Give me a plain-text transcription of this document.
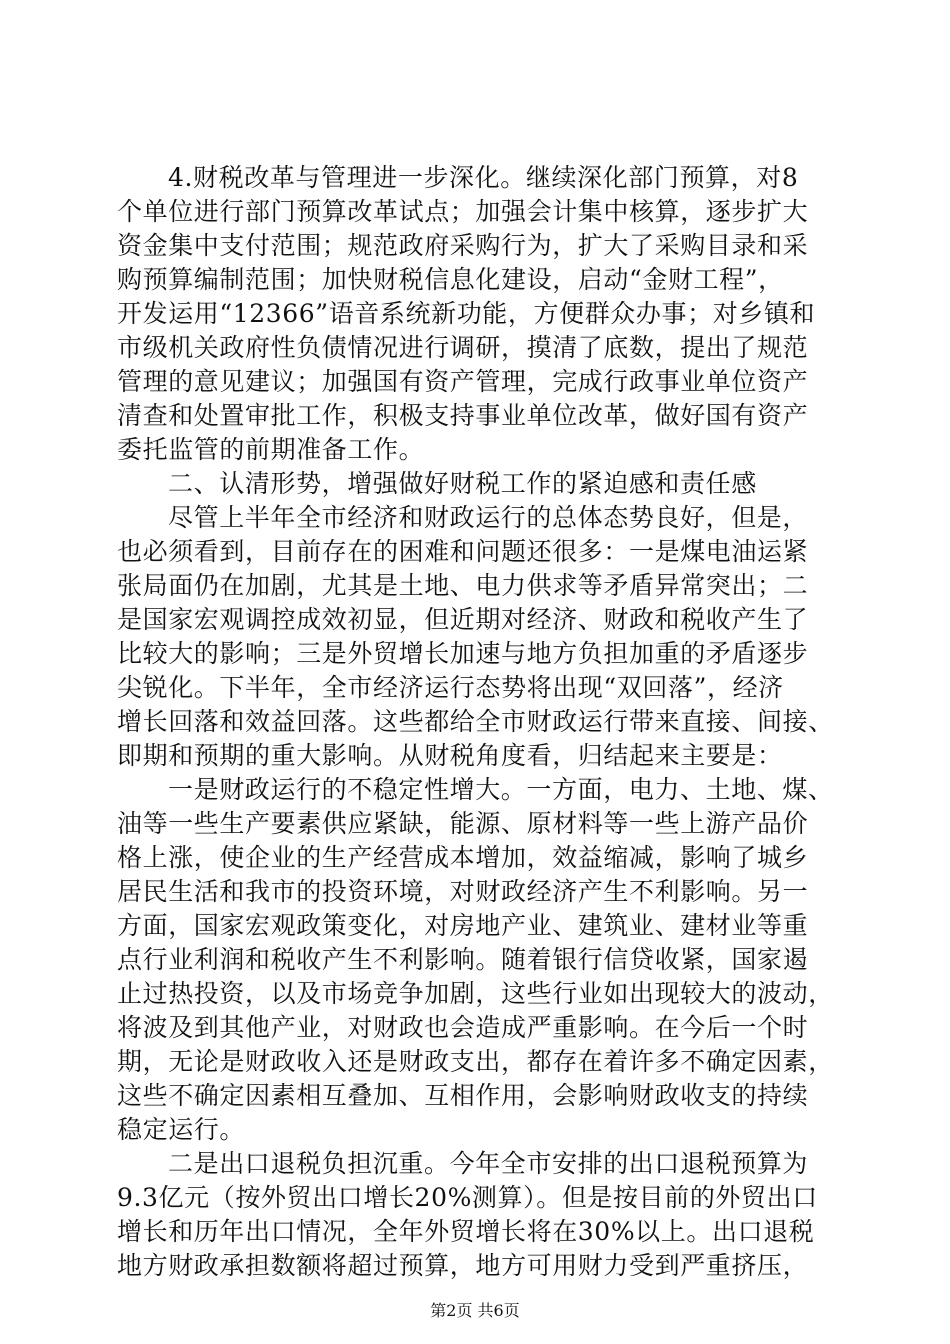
4.财税改革与管理进一步深化。继续深化部门预算，对8
个单位进行部门预算改革试点；加强会计集中核算，逐步扩大
资金集中支付范围；规范政府采购行为，扩大了采购目录和采
购预算编制范围；加快财税信息化建设，启动“金财工程”，
开发运用“12366”语音系统新功能，方便群众办事；对乡镇和
市级机关政府性负债情况进行调研，摸清了底数，提出了规范
管理的意见建议；加强国有资产管理，完成行政事业单位资产
清查和处置审批工作，积极支持事业单位改革，做好国有资产
委托监管的前期准备工作。
二、认清形势，增强做好财税工作的紧迫感和责任感
尽管上半年全市经济和财政运行的总体态势良好，但是，
也必须看到，目前存在的困难和问题还很多：一是煤电油运紧
张局面仍在加剧，尤其是土地、电力供求等矛盾异常突出；二
是国家宏观调控成效初显，但近期对经济、财政和税收产生了
比较大的影响；三是外贸增长加速与地方负担加重的矛盾逐步
尖锐化。下半年，全市经济运行态势将出现“双回落”，经济
增长回落和效益回落。这些都给全市财政运行带来直接、间接、
即期和预期的重大影响。从财税角度看，归结起来主要是：
一是财政运行的不稳定性增大。一方面，电力、土地、煤、
油等一些生产要素供应紧缺，能源、原材料等一些上游产品价
格上涨，使企业的生产经营成本增加，效益缩减，影响了城乡
居民生活和我市的投资环境，对财政经济产生不利影响。另一
方面，国家宏观政策变化，对房地产业、建筑业、建材业等重
点行业利润和税收产生不利影响。随着银行信贷收紧，国家遏
止过热投资，以及市场竞争加剧，这些行业如出现较大的波动，
将波及到其他产业，对财政也会造成严重影响。在今后一个时
期，无论是财政收入还是财政支出，都存在着许多不确定因素，
这些不确定因素相互叠加、互相作用，会影响财政收支的持续
稳定运行。
二是出口退税负担沉重。今年全市安排的出口退税预算为
9.3亿元（按外贸出口增长20%测算）。但是按目前的外贸出口
增长和历年出口情况，全年外贸增长将在30%以上。出口退税
地方财政承担数额将超过预算，地方可用财力受到严重挤压，
第2页 共6页
